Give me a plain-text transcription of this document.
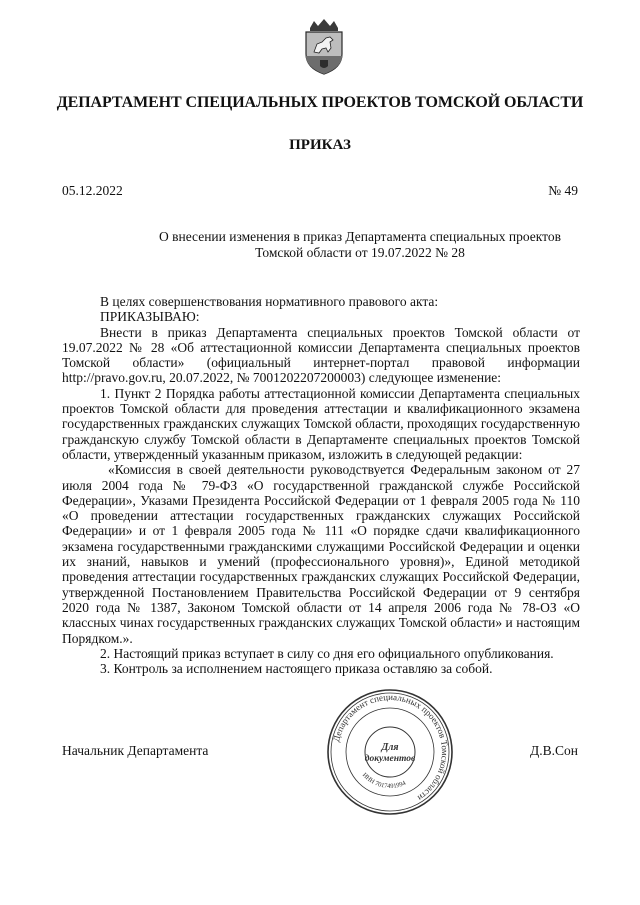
ДЕПАРТАМЕНТ СПЕЦИАЛЬНЫХ ПРОЕКТОВ ТОМСКОЙ ОБЛАСТИ
ПРИКАЗ
05.12.2022	№ 49
О внесении изменения в приказ Департамента специальных проектов
Томской области от 19.07.2022 № 28

В целях совершенствования нормативного правового акта:

ПРИКАЗЫВАЮ:

Внести в приказ Департамента специальных проектов Томской области от 19.07.2022 № 28 «Об аттестационной комиссии Департамента специальных проектов Томской области» (официальный интернет-портал правовой информации http://pravo.gov.ru, 20.07.2022, № 7001202207200003) следующее изменение:

1. Пункт 2 Порядка работы аттестационной комиссии Департамента специальных проектов Томской области для проведения аттестации и квалификационного экзамена государственных гражданских служащих Томской области, проходящих государственную гражданскую службу Томской области в Департаменте специальных проектов Томской области, утвержденный указанным приказом, изложить в следующей редакции:

«Комиссия в своей деятельности руководствуется Федеральным законом от 27 июля 2004 года № 79-ФЗ «О государственной гражданской службе Российской Федерации», Указами Президента Российской Федерации от 1 февраля 2005 года № 110 «О проведении аттестации государственных гражданских служащих Российской Федерации» и от 1 февраля 2005 года № 111 «О порядке сдачи квалификационного экзамена государственными гражданскими служащими Российской Федерации и оценки их знаний, навыков и умений (профессионального уровня)», Единой методикой проведения аттестации государственных гражданских служащих Российской Федерации, утвержденной Постановлением Правительства Российской Федерации от 9 сентября 2020 года № 1387, Законом Томской области от 14 апреля 2006 года № 78-ОЗ «О классных чинах государственных гражданских служащих Томской области» и настоящим Порядком.».

2. Настоящий приказ вступает в силу со дня его официального опубликования.

3. Контроль за исполнением настоящего приказа оставляю за собой.

Начальник Департамента	Д.В.Сон
Департамент специальных проектов Томской области
ИНН 7017491994
Для
документов
